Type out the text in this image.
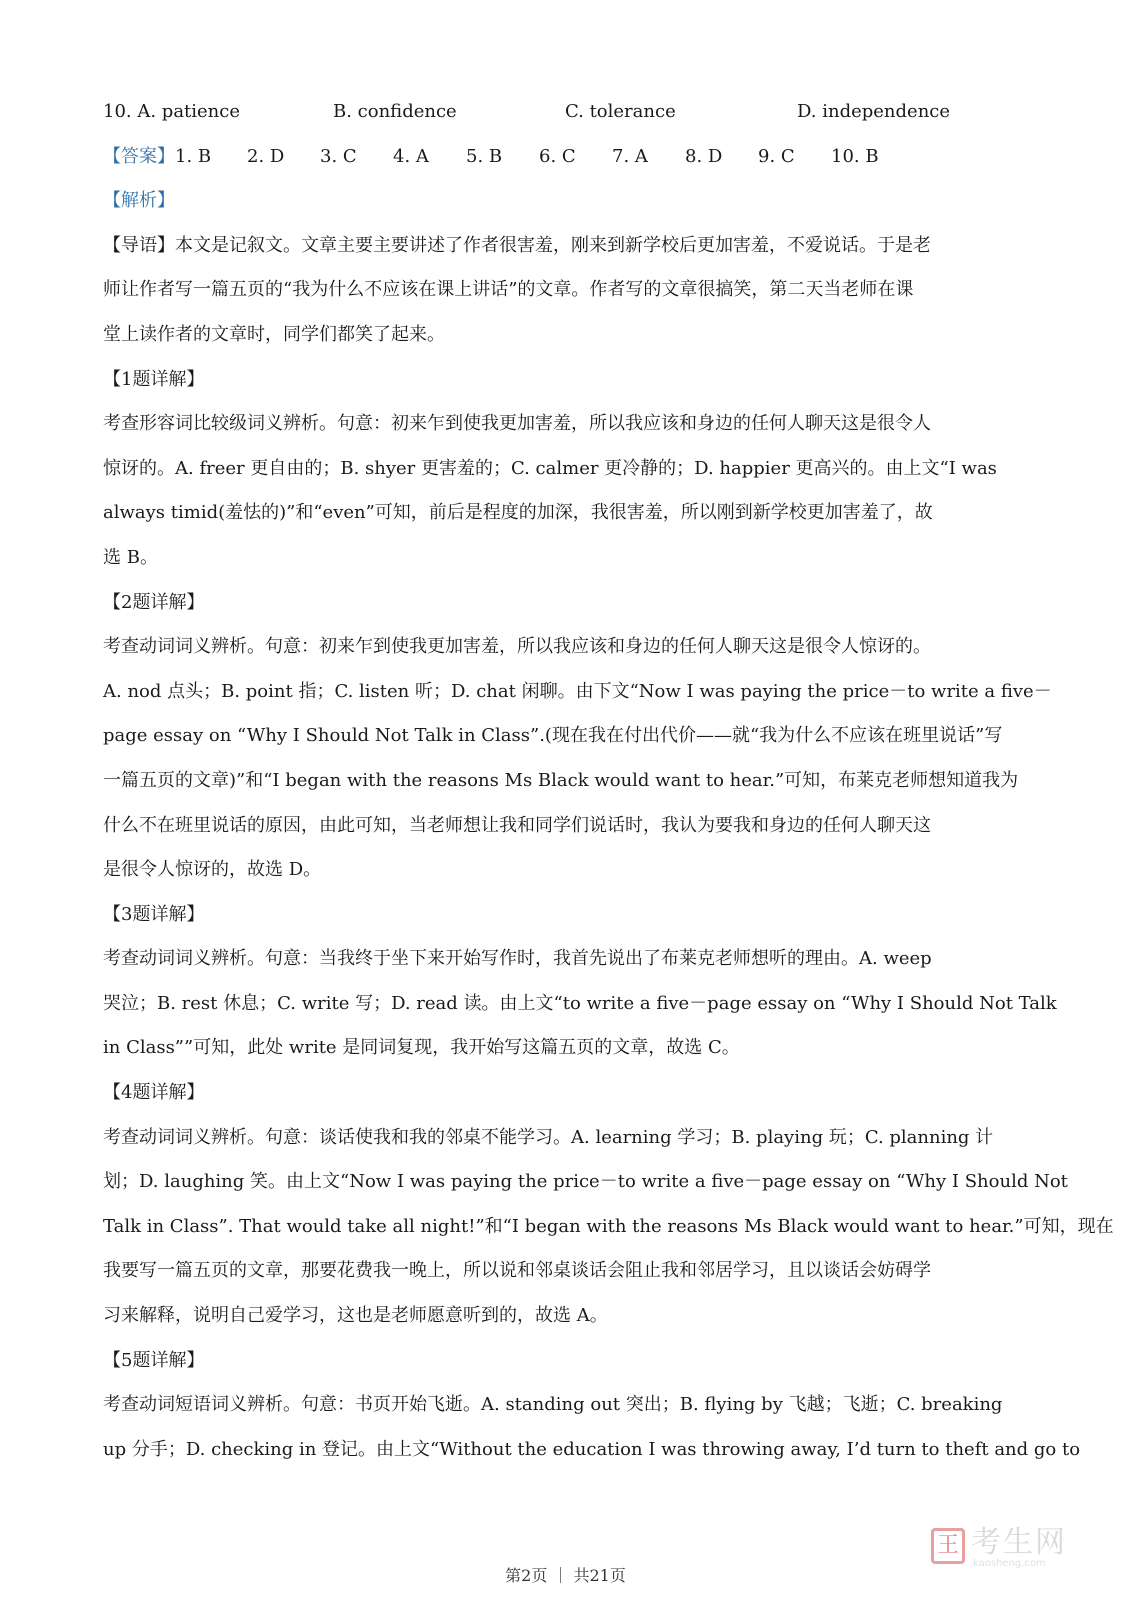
10. A. patience	B. confidence	C. tolerance	D. independence
【答案】1. B 2. D 3. C 4. A 5. B 6. C 7. A 8. D 9. C 10. B
【解析】
【导语】本文是记叙文。文章主要主要讲述了作者很害羞，刚来到新学校后更加害羞，不爱说话。于是老
师让作者写一篇五页的“我为什么不应该在课上讲话”的文章。作者写的文章很搞笑，第二天当老师在课
堂上读作者的文章时，同学们都笑了起来。
【1题详解】
考查形容词比较级词义辨析。句意：初来乍到使我更加害羞，所以我应该和身边的任何人聊天这是很令人
惊讶的。A. freer 更自由的；B. shyer 更害羞的；C. calmer 更冷静的；D. happier 更高兴的。由上文“I was
always timid(羞怯的)”和“even”可知，前后是程度的加深，我很害羞，所以刚到新学校更加害羞了，故
选 B。
【2题详解】
考查动词词义辨析。句意：初来乍到使我更加害羞，所以我应该和身边的任何人聊天这是很令人惊讶的。
A. nod 点头；B. point 指；C. listen 听；D. chat 闲聊。由下文“Now I was paying the price－to write a five－
page essay on “Why I Should Not Talk in Class”.(现在我在付出代价——就“我为什么不应该在班里说话”写
一篇五页的文章)”和“I began with the reasons Ms Black would want to hear.”可知，布莱克老师想知道我为
什么不在班里说话的原因，由此可知，当老师想让我和同学们说话时，我认为要我和身边的任何人聊天这
是很令人惊讶的，故选 D。
【3题详解】
考查动词词义辨析。句意：当我终于坐下来开始写作时，我首先说出了布莱克老师想听的理由。A. weep
哭泣；B. rest 休息；C. write 写；D. read 读。由上文“to write a five－page essay on “Why I Should Not Talk
in Class””可知，此处 write 是同词复现，我开始写这篇五页的文章，故选 C。
【4题详解】
考查动词词义辨析。句意：谈话使我和我的邻桌不能学习。A. learning 学习；B. playing 玩；C. planning 计
划；D. laughing 笑。由上文“Now I was paying the price－to write a five－page essay on “Why I Should Not
Talk in Class”. That would take all night!”和“I began with the reasons Ms Black would want to hear.”可知，现在
我要写一篇五页的文章，那要花费我一晚上，所以说和邻桌谈话会阻止我和邻居学习，且以谈话会妨碍学
习来解释，说明自己爱学习，这也是老师愿意听到的，故选 A。
【5题详解】
考查动词短语词义辨析。句意：书页开始飞逝。A. standing out 突出；B. flying by 飞越；飞逝；C. breaking
up 分手；D. checking in 登记。由上文“Without the education I was throwing away, I’d turn to theft and go to
王 考生网
kaosheng.com
第2页 ｜ 共21页
